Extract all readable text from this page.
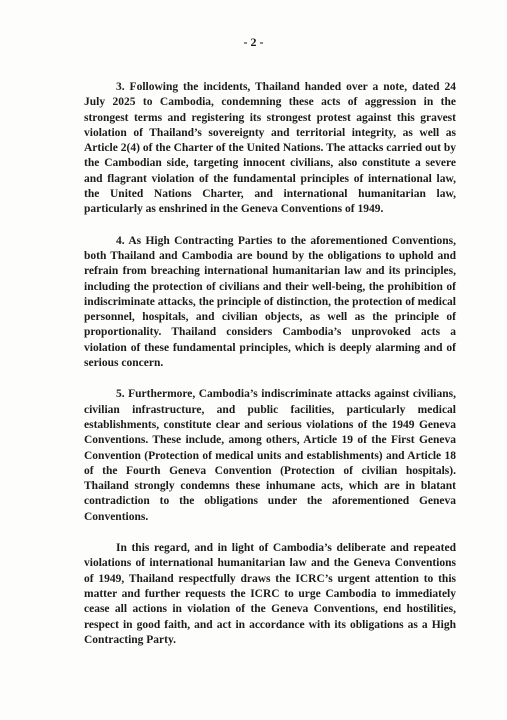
- 2 -

3. Following the incidents, Thailand handed over a note, dated 24 July 2025 to Cambodia, condemning these acts of aggression in the strongest terms and registering its strongest protest against this gravest violation of Thailand’s sovereignty and territorial integrity, as well as Article 2(4) of the Charter of the United Nations. The attacks carried out by the Cambodian side, targeting innocent civilians, also constitute a severe and flagrant violation of the fundamental principles of international law, the United Nations Charter, and international humanitarian law, particularly as enshrined in the Geneva Conventions of 1949.

4. As High Contracting Parties to the aforementioned Conventions, both Thailand and Cambodia are bound by the obligations to uphold and refrain from breaching international humanitarian law and its principles, including the protection of civilians and their well-being, the prohibition of indiscriminate attacks, the principle of distinction, the protection of medical personnel, hospitals, and civilian objects, as well as the principle of proportionality. Thailand considers Cambodia’s unprovoked acts a violation of these fundamental principles, which is deeply alarming and of serious concern.

5. Furthermore, Cambodia’s indiscriminate attacks against civilians, civilian infrastructure, and public facilities, particularly medical establishments, constitute clear and serious violations of the 1949 Geneva Conventions. These include, among others, Article 19 of the First Geneva Convention (Protection of medical units and establishments) and Article 18 of the Fourth Geneva Convention (Protection of civilian hospitals). Thailand strongly condemns these inhumane acts, which are in blatant contradiction to the obligations under the aforementioned Geneva Conventions.

In this regard, and in light of Cambodia’s deliberate and repeated violations of international humanitarian law and the Geneva Conventions of 1949, Thailand respectfully draws the ICRC’s urgent attention to this matter and further requests the ICRC to urge Cambodia to immediately cease all actions in violation of the Geneva Conventions, end hostilities, respect in good faith, and act in accordance with its obligations as a High Contracting Party.
